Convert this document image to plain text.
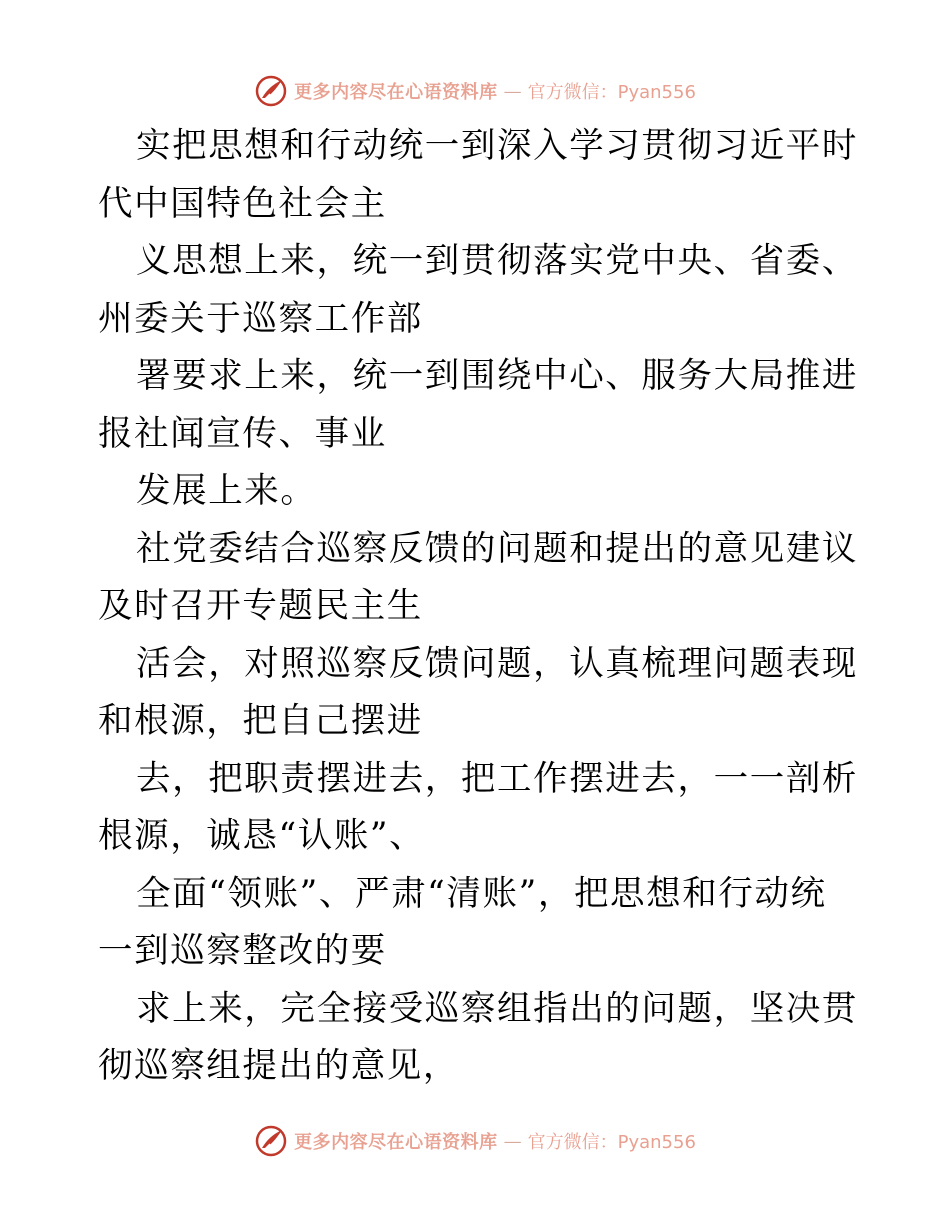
更多内容尽在心语资料库 — 官方微信：Pyan556

实把思想和行动统一到深入学习贯彻习近平时代中国特色社会主

义思想上来，统一到贯彻落实党中央、省委、州委关于巡察工作部

署要求上来，统一到围绕中心、服务大局推进报社闻宣传、事业

发展上来。

社党委结合巡察反馈的问题和提出的意见建议及时召开专题民主生

活会，对照巡察反馈问题，认真梳理问题表现和根源，把自己摆进

去，把职责摆进去，把工作摆进去，一一剖析根源，诚恳“认账”、

全面“领账”、严肃“清账”，把思想和行动统一到巡察整改的要

求上来，完全接受巡察组指出的问题，坚决贯彻巡察组提出的意见，

更多内容尽在心语资料库 — 官方微信：Pyan556
